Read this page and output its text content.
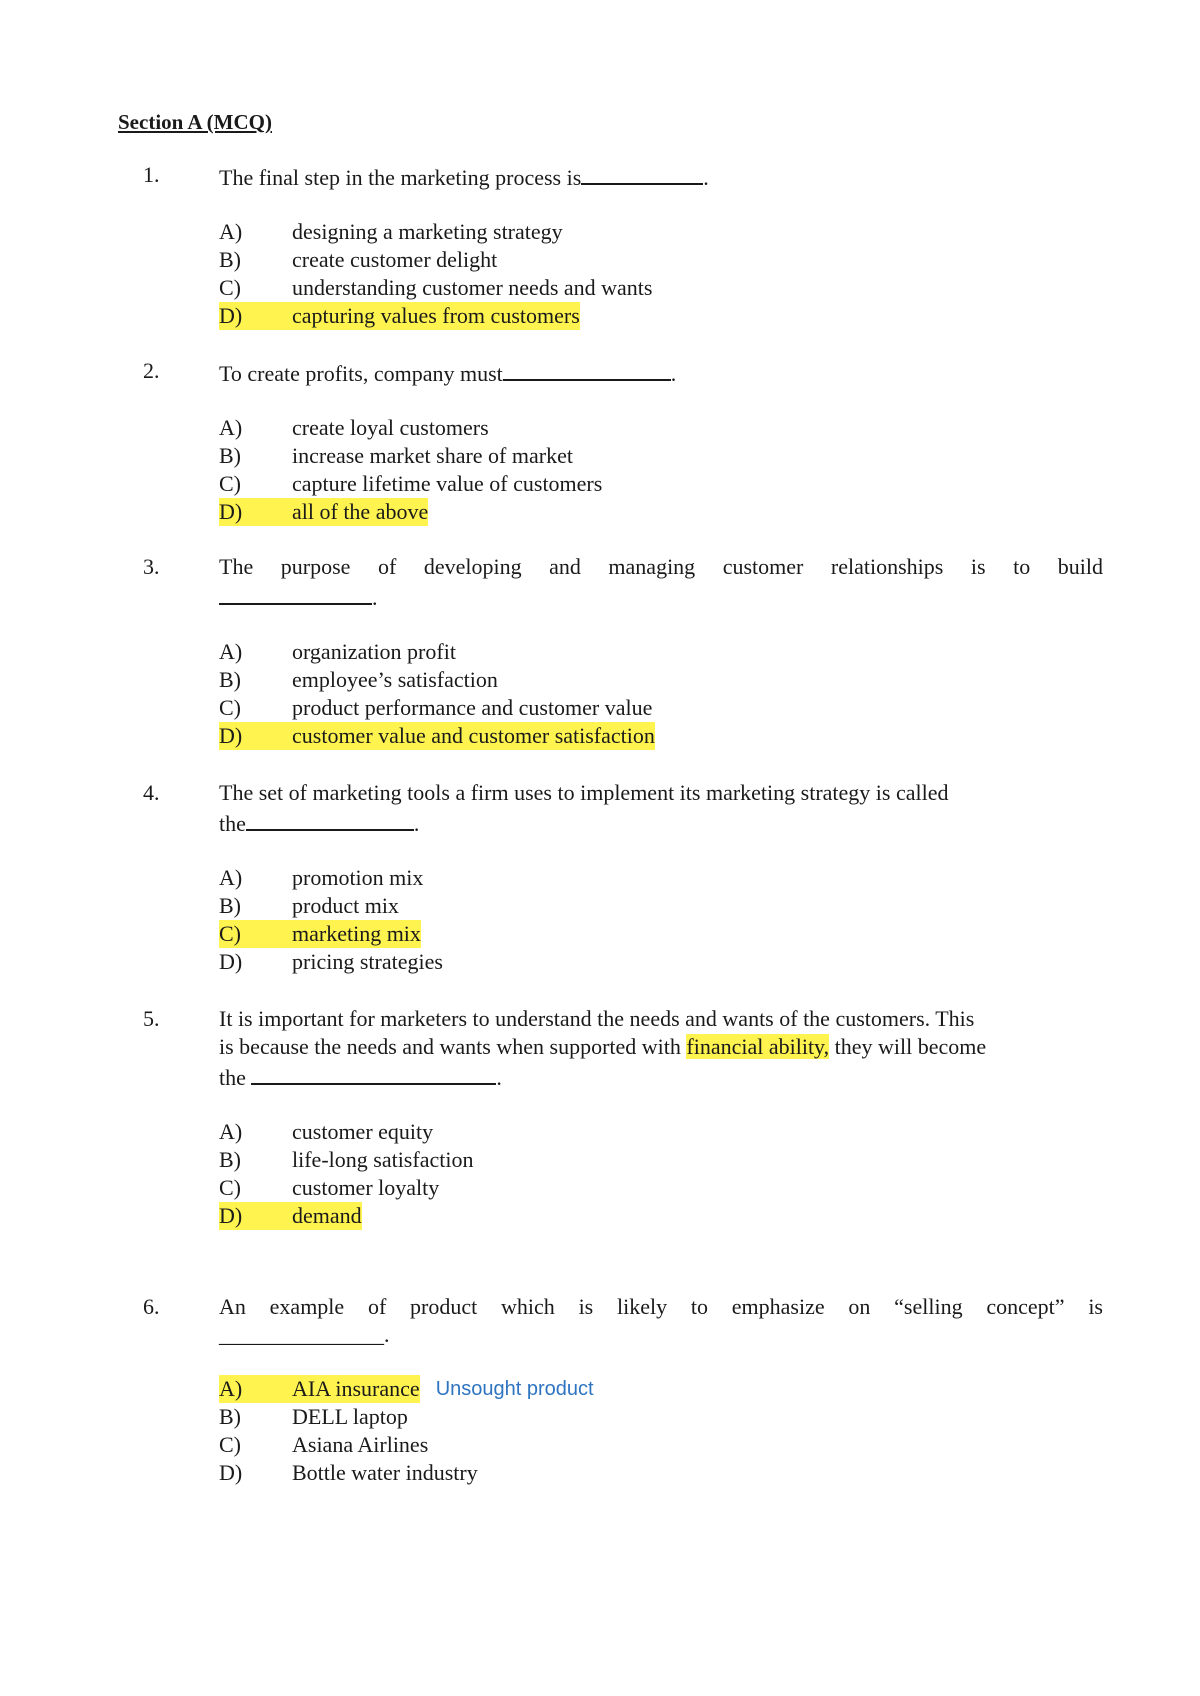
Section A (MCQ)
1.	The final step in the marketing process is	.
A)	designing a marketing strategy
B)	create customer delight
C)	understanding customer needs and wants
D)	capturing values from customers
2.	To create profits, company must	.
A)	create loyal customers
B)	increase market share of market
C)	capture lifetime value of customers
D)	all of the above
3.	The purpose of developing and managing customer relationships is to build
.
A)	organization profit
B)	employee’s satisfaction
C)	product performance and customer value
D)	customer value and customer satisfaction
4.	The set of marketing tools a firm uses to implement its marketing strategy is called
the	.
A)	promotion mix
B)	product mix
C)	marketing mix
D)	pricing strategies
5.	It is important for marketers to understand the needs and wants of the customers. This
is because the needs and wants when supported with financial ability, they will become
the	.
A)	customer equity
B)	life-long satisfaction
C)	customer loyalty
D)	demand
6.	An example of product which is likely to emphasize on “selling concept” is
_______________.
A)	AIA insurance Unsought product
B)	DELL laptop
C)	Asiana Airlines
D)	Bottle water industry
